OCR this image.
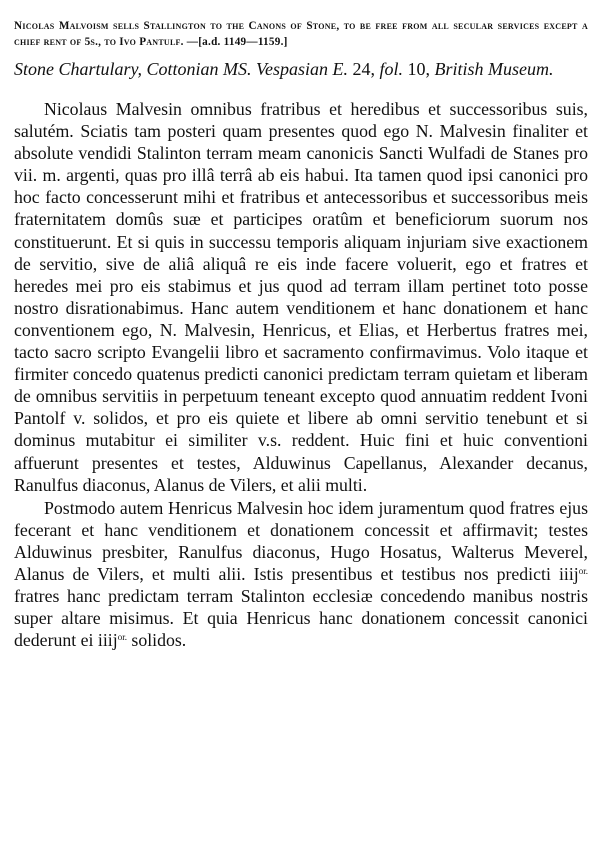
Nicolas Malvoism sells Stallington to the Canons of Stone, to be free from all secular services except a chief rent of 5s., to Ivo Pantulf. —[a.d. 1149—1159.]

Stone Chartulary, Cottonian MS. Vespasian E. 24, fol. 10, British Museum.

Nicolaus Malvesin omnibus fratribus et heredibus et successoribus suis, salutém. Sciatis tam posteri quam presentes quod ego N. Malvesin finaliter et absolute vendidi Stalinton terram meam canonicis Sancti Wulfadi de Stanes pro vii. m. argenti, quas pro illâ terrâ ab eis habui. Ita tamen quod ipsi canonici pro hoc facto concesserunt mihi et fratribus et antecessoribus et successoribus meis fraternitatem domûs suæ et participes oratûm et beneficiorum suorum nos constituerunt. Et si quis in successu temporis aliquam injuriam sive exactionem de servitio, sive de aliâ aliquâ re eis inde facere voluerit, ego et fratres et heredes mei pro eis stabimus et jus quod ad terram illam pertinet toto posse nostro disrationabimus. Hanc autem venditionem et hanc donationem et hanc conventionem ego, N. Malvesin, Henricus, et Elias, et Herbertus fratres mei, tacto sacro scripto Evangelii libro et sacramento confirmavimus. Volo itaque et firmiter concedo quatenus predicti canonici predictam terram quietam et liberam de omnibus servitiis in perpetuum teneant excepto quod annuatim reddent Ivoni Pantolf v. solidos, et pro eis quiete et libere ab omni servitio tenebunt et si dominus mutabitur ei similiter v.s. reddent. Huic fini et huic conventioni affuerunt presentes et testes, Alduwinus Capellanus, Alexander decanus, Ranulfus diaconus, Alanus de Vilers, et alii multi.

Postmodo autem Henricus Malvesin hoc idem juramentum quod fratres ejus fecerant et hanc venditionem et donationem concessit et affirmavit; testes Alduwinus presbiter, Ranulfus diaconus, Hugo Hosatus, Walterus Meverel, Alanus de Vilers, et multi alii. Istis presentibus et testibus nos predicti iiij$^{or.}$ fratres hanc predictam terram Stalinton ecclesiæ concedendo manibus nostris super altare misimus. Et quia Henricus hanc donationem concessit canonici dederunt ei iiij$^{or.}$ solidos.
